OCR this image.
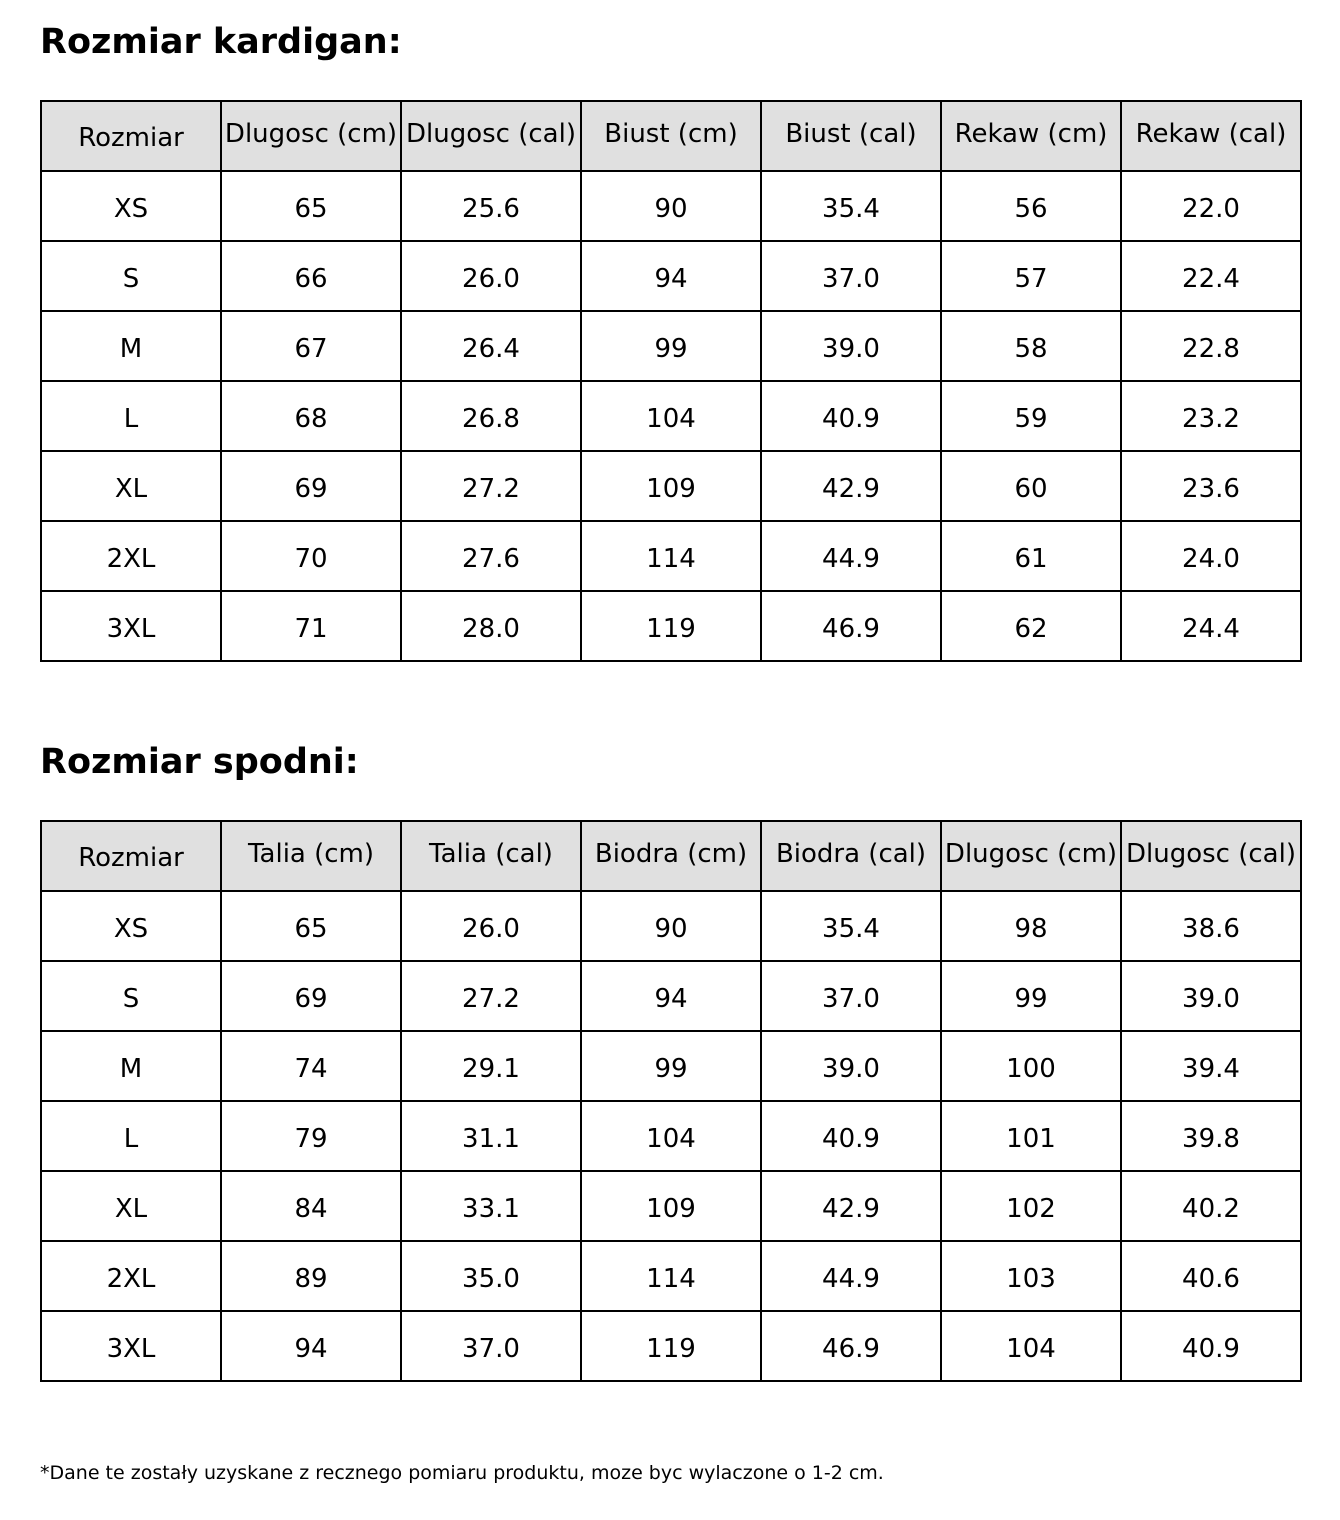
Rozmiar kardigan:
Rozmiar	Dlugosc (cm)	Dlugosc (cal)	Biust (cm)	Biust (cal)	Rekaw (cm)	Rekaw (cal)
XS	65	25.6	90	35.4	56	22.0
S	66	26.0	94	37.0	57	22.4
M	67	26.4	99	39.0	58	22.8
L	68	26.8	104	40.9	59	23.2
XL	69	27.2	109	42.9	60	23.6
2XL	70	27.6	114	44.9	61	24.0
3XL	71	28.0	119	46.9	62	24.4
Rozmiar spodni:
Rozmiar	Talia (cm)	Talia (cal)	Biodra (cm)	Biodra (cal)	Dlugosc (cm)	Dlugosc (cal)
XS	65	26.0	90	35.4	98	38.6
S	69	27.2	94	37.0	99	39.0
M	74	29.1	99	39.0	100	39.4
L	79	31.1	104	40.9	101	39.8
XL	84	33.1	109	42.9	102	40.2
2XL	89	35.0	114	44.9	103	40.6
3XL	94	37.0	119	46.9	104	40.9

*Dane te zostały uzyskane z recznego pomiaru produktu, moze byc wylaczone o 1-2 cm.
